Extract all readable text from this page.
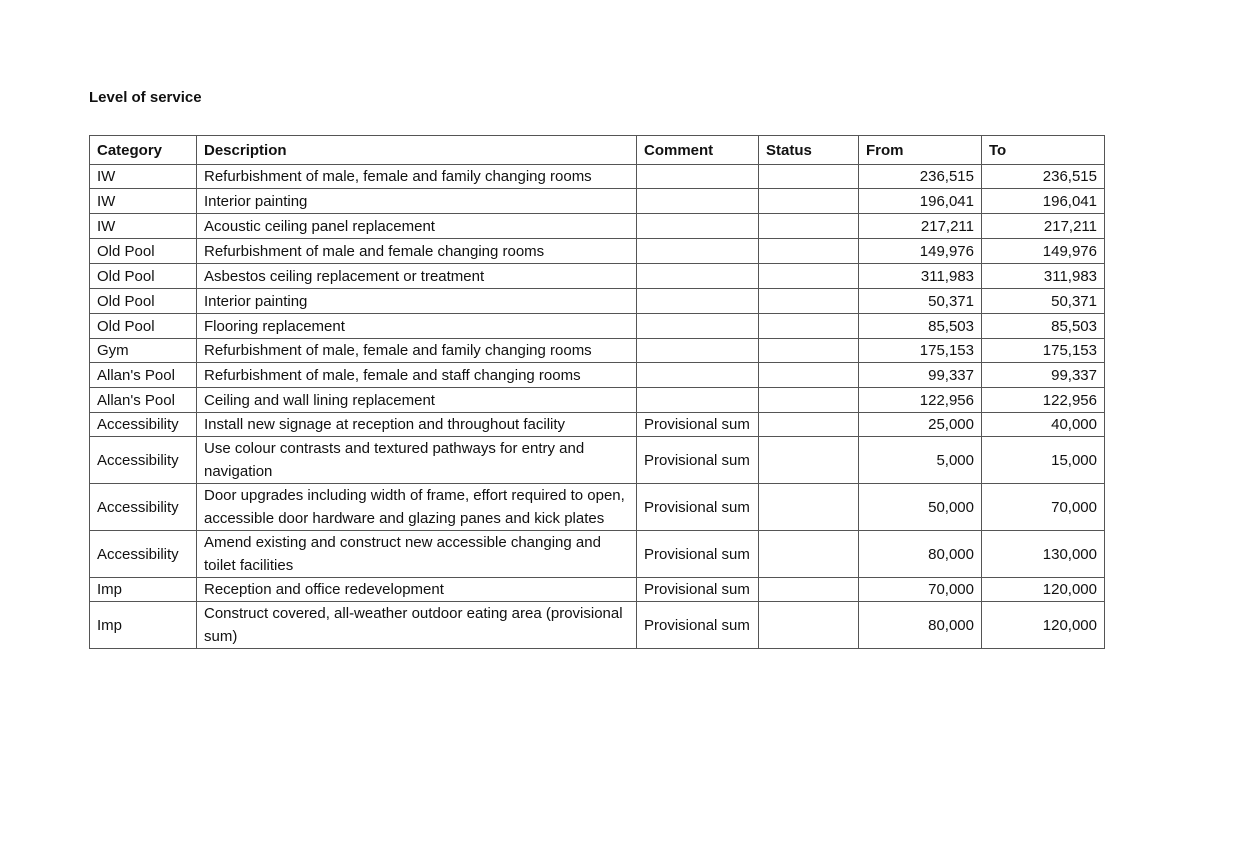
Level of service
Category	Description	Comment	Status	From	To
IW	Refurbishment of male, female and family changing rooms			236,515	236,515
IW	Interior painting			196,041	196,041
IW	Acoustic ceiling panel replacement			217,211	217,211
Old Pool	Refurbishment of male and female changing rooms			149,976	149,976
Old Pool	Asbestos ceiling replacement or treatment			311,983	311,983
Old Pool	Interior painting			50,371	50,371
Old Pool	Flooring replacement			85,503	85,503
Gym	Refurbishment of male, female and family changing rooms			175,153	175,153
Allan's Pool	Refurbishment of male, female and staff changing rooms			99,337	99,337
Allan's Pool	Ceiling and wall lining replacement			122,956	122,956
Accessibility	Install new signage at reception and throughout facility	Provisional sum		25,000	40,000
Accessibility	Use colour contrasts and textured pathways for entry and navigation	Provisional sum		5,000	15,000
Accessibility	Door upgrades including width of frame, effort required to open, accessible door hardware and glazing panes and kick plates	Provisional sum		50,000	70,000
Accessibility	Amend existing and construct new accessible changing and toilet facilities	Provisional sum		80,000	130,000
Imp	Reception and office redevelopment	Provisional sum		70,000	120,000
Imp	Construct covered, all-weather outdoor eating area (provisional sum)	Provisional sum		80,000	120,000
